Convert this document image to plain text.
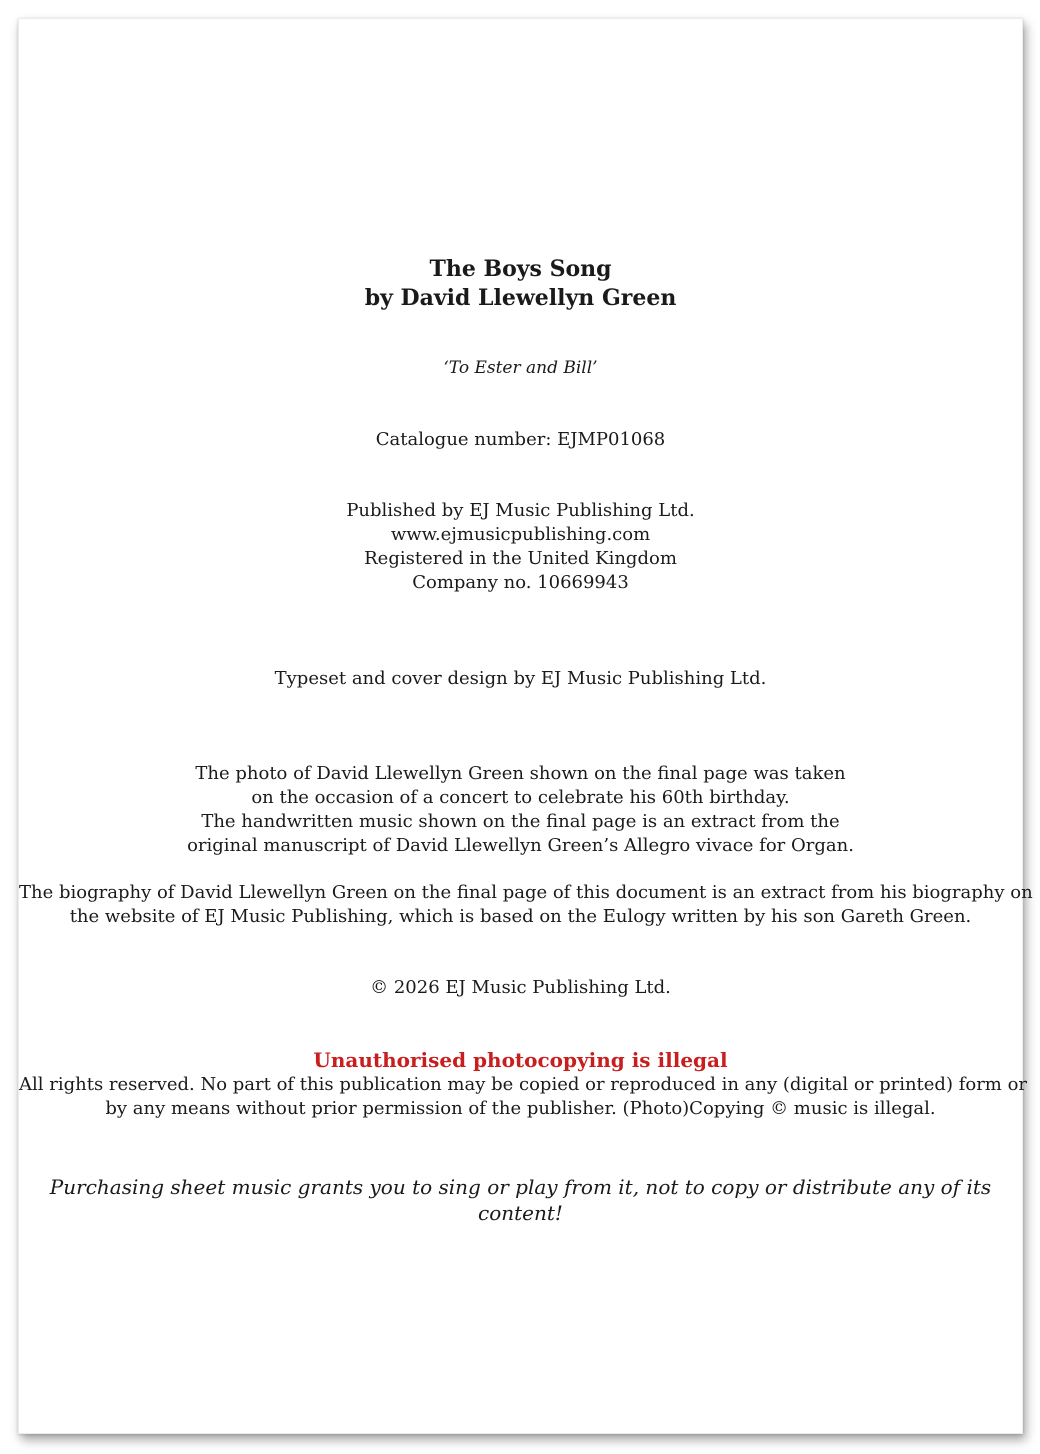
The Boys Song
by David Llewellyn Green
‘To Ester and Bill’
Catalogue number: EJMP01068
Published by EJ Music Publishing Ltd.
www.ejmusicpublishing.com
Registered in the United Kingdom
Company no. 10669943
Typeset and cover design by EJ Music Publishing Ltd.
The photo of David Llewellyn Green shown on the final page was taken
on the occasion of a concert to celebrate his 60th birthday.
The handwritten music shown on the final page is an extract from the
original manuscript of David Llewellyn Green’s Allegro vivace for Organ.
The biography of David Llewellyn Green on the final page of this document is an extract from his biography on
the website of EJ Music Publishing, which is based on the Eulogy written by his son Gareth Green.
© 2026 EJ Music Publishing Ltd.
Unauthorised photocopying is illegal
All rights reserved. No part of this publication may be copied or reproduced in any (digital or printed) form or
by any means without prior permission of the publisher. (Photo)Copying © music is illegal.
Purchasing sheet music grants you to sing or play from it, not to copy or distribute any of its content!
